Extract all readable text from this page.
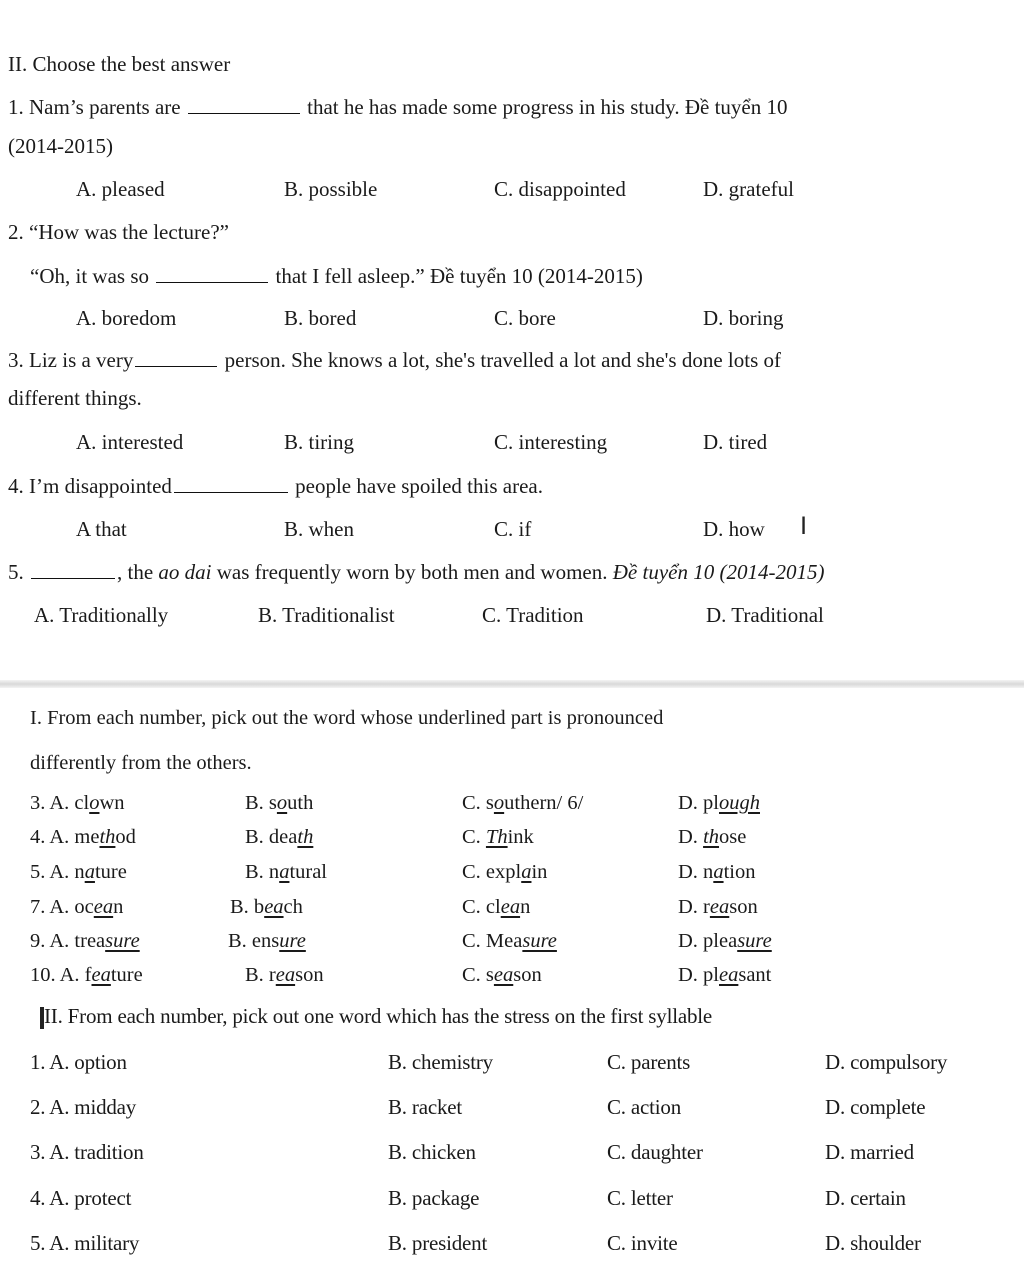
II. Choose the best answer
1. Nam’s parents are	that he has made some progress in his study. Đề tuyển 10
(2014-2015)
A. pleased	B. possible	C. disappointed	D. grateful
2. “How was the lecture?”
“Oh, it was so	that I fell asleep.” Đề tuyển 10 (2014-2015)
A. boredom	B. bored	C. bore	D. boring
3. Liz is a very	person. She knows a lot, she's travelled a lot and she's done lots of
different things.
A. interested	B. tiring	C. interesting	D. tired
4. I’m disappointed	people have spoiled this area.
A that	B. when	C. if	D. how I
5.	, the ao dai was frequently worn by both men and women. Đề tuyển 10 (2014-2015)
A. Traditionally	B. Traditionalist	C. Tradition	D. Traditional
I. From each number, pick out the word whose underlined part is pronounced
differently from the others.
3. A. clown	B. south	C. southern/ 6/	D. plough
4. A. method	B. death	C. Think	D. those
5. A. nature	B. natural	C. explain	D. nation
7. A. ocean	B. beach	C. clean	D. reason
9. A. treasure	B. ensure	C. Measure	D. pleasure
10. A. feature	B. reason	C. season	D. pleasant
II. From each number, pick out one word which has the stress on the first syllable
1. A. option	B. chemistry	C. parents	D. compulsory
2. A. midday	B. racket	C. action	D. complete
3. A. tradition	B. chicken	C. daughter	D. married
4. A. protect	B. package	C. letter	D. certain
5. A. military	B. president	C. invite	D. shoulder
